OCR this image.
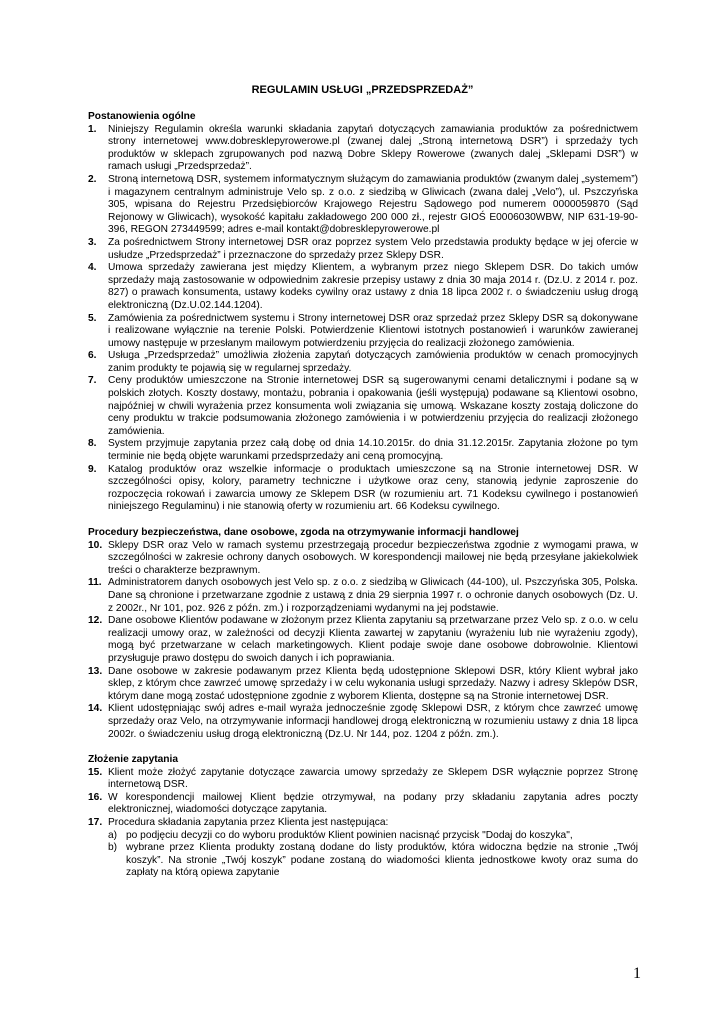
REGULAMIN USŁUGI „PRZEDSPRZEDAŻ”

Postanowienia ogólne

1.	Niniejszy Regulamin określa warunki składania zapytań dotyczących zamawiania produktów za pośrednictwem strony internetowej www.dobresklepyrowerowe.pl (zwanej dalej „Stroną internetową DSR”) i sprzedaży tych produktów w sklepach zgrupowanych pod nazwą Dobre Sklepy Rowerowe (zwanych dalej „Sklepami DSR”) w ramach usługi „Przedsprzedaż”.
2.	Stroną internetową DSR, systemem informatycznym służącym do zamawiania produktów (zwanym dalej „systemem”) i magazynem centralnym administruje Velo sp. z o.o. z siedzibą w Gliwicach (zwana dalej „Velo”), ul. Pszczyńska 305, wpisana do Rejestru Przedsiębiorców Krajowego Rejestru Sądowego pod numerem 0000059870 (Sąd Rejonowy w Gliwicach), wysokość kapitału zakładowego 200 000 zł., rejestr GIOŚ E0006030WBW, NIP 631-19-90-396, REGON 273449599; adres e-mail kontakt@dobresklepyrowerowe.pl
3.	Za pośrednictwem Strony internetowej DSR oraz poprzez system Velo przedstawia produkty będące w jej ofercie w usłudze „Przedsprzedaż” i przeznaczone do sprzedaży przez Sklepy DSR.
4.	Umowa sprzedaży zawierana jest między Klientem, a wybranym przez niego Sklepem DSR. Do takich umów sprzedaży mają zastosowanie w odpowiednim zakresie przepisy ustawy z dnia 30 maja 2014 r. (Dz.U. z 2014 r. poz. 827) o prawach konsumenta, ustawy kodeks cywilny oraz ustawy z dnia 18 lipca 2002 r. o świadczeniu usług drogą elektroniczną (Dz.U.02.144.1204).
5.	Zamówienia za pośrednictwem systemu i Strony internetowej DSR oraz sprzedaż przez Sklepy DSR są dokonywane i realizowane wyłącznie na terenie Polski. Potwierdzenie Klientowi istotnych postanowień i warunków zawieranej umowy następuje w przesłanym mailowym potwierdzeniu przyjęcia do realizacji złożonego zamówienia.
6.	Usługa „Przedsprzedaż” umożliwia złożenia zapytań dotyczących zamówienia produktów w cenach promocyjnych zanim produkty te pojawią się w regularnej sprzedaży.
7.	Ceny produktów umieszczone na Stronie internetowej DSR są sugerowanymi cenami detalicznymi i podane są w polskich złotych. Koszty dostawy, montażu, pobrania i opakowania (jeśli występują) podawane są Klientowi osobno, najpóźniej w chwili wyrażenia przez konsumenta woli związania się umową. Wskazane koszty zostają doliczone do ceny produktu w trakcie podsumowania złożonego zamówienia i w potwierdzeniu przyjęcia do realizacji złożonego zamówienia.
8.	System przyjmuje zapytania przez całą dobę od dnia 14.10.2015r. do dnia 31.12.2015r. Zapytania złożone po tym terminie nie będą objęte warunkami przedsprzedaży ani ceną promocyjną.
9.	Katalog produktów oraz wszelkie informacje o produktach umieszczone są na Stronie internetowej DSR. W szczególności opisy, kolory, parametry techniczne i użytkowe oraz ceny, stanowią jedynie zaproszenie do rozpoczęcia rokowań i zawarcia umowy ze Sklepem DSR (w rozumieniu art. 71 Kodeksu cywilnego i postanowień niniejszego Regulaminu) i nie stanowią oferty w rozumieniu art. 66 Kodeksu cywilnego.

Procedury bezpieczeństwa, dane osobowe, zgoda na otrzymywanie informacji handlowej

10. Sklepy DSR oraz Velo w ramach systemu przestrzegają procedur bezpieczeństwa zgodnie z wymogami prawa, w szczególności w zakresie ochrony danych osobowych. W korespondencji mailowej nie będą przesyłane jakiekolwiek treści o charakterze bezprawnym.
11. Administratorem danych osobowych jest Velo sp. z o.o. z siedzibą w Gliwicach (44-100), ul. Pszczyńska 305, Polska. Dane są chronione i przetwarzane zgodnie z ustawą z dnia 29 sierpnia 1997 r. o ochronie danych osobowych (Dz. U. z 2002r., Nr 101, poz. 926 z późn. zm.) i rozporządzeniami wydanymi na jej podstawie.
12. Dane osobowe Klientów podawane w złożonym przez Klienta zapytaniu są przetwarzane przez Velo sp. z o.o. w celu realizacji umowy oraz, w zależności od decyzji Klienta zawartej w zapytaniu (wyrażeniu lub nie wyrażeniu zgody), mogą być przetwarzane w celach marketingowych. Klient podaje swoje dane osobowe dobrowolnie. Klientowi przysługuje prawo dostępu do swoich danych i ich poprawiania.
13. Dane osobowe w zakresie podawanym przez Klienta będą udostępnione Sklepowi DSR, który Klient wybrał jako sklep, z którym chce zawrzeć umowę sprzedaży i w celu wykonania usługi sprzedaży. Nazwy i adresy Sklepów DSR, którym dane mogą zostać udostępnione zgodnie z wyborem Klienta, dostępne są na Stronie internetowej DSR.
14. Klient udostępniając swój adres e-mail wyraża jednocześnie zgodę Sklepowi DSR, z którym chce zawrzeć umowę sprzedaży oraz Velo, na otrzymywanie informacji handlowej drogą elektroniczną w rozumieniu ustawy z dnia 18 lipca 2002r. o świadczeniu usług drogą elektroniczną (Dz.U. Nr 144, poz. 1204 z późn. zm.).

Złożenie zapytania

15. Klient może złożyć zapytanie dotyczące zawarcia umowy sprzedaży ze Sklepem DSR wyłącznie poprzez Stronę internetową DSR.
16. W korespondencji mailowej Klient będzie otrzymywał, na podany przy składaniu zapytania adres poczty elektronicznej, wiadomości dotyczące zapytania.
17. Procedura składania zapytania przez Klienta jest następująca:
a) po podjęciu decyzji co do wyboru produktów Klient powinien nacisnąć przycisk "Dodaj do koszyka",
b) wybrane przez Klienta produkty zostaną dodane do listy produktów, która widoczna będzie na stronie „Twój koszyk”. Na stronie „Twój koszyk” podane zostaną do wiadomości klienta jednostkowe kwoty oraz suma do zapłaty na którą opiewa zapytanie
1
